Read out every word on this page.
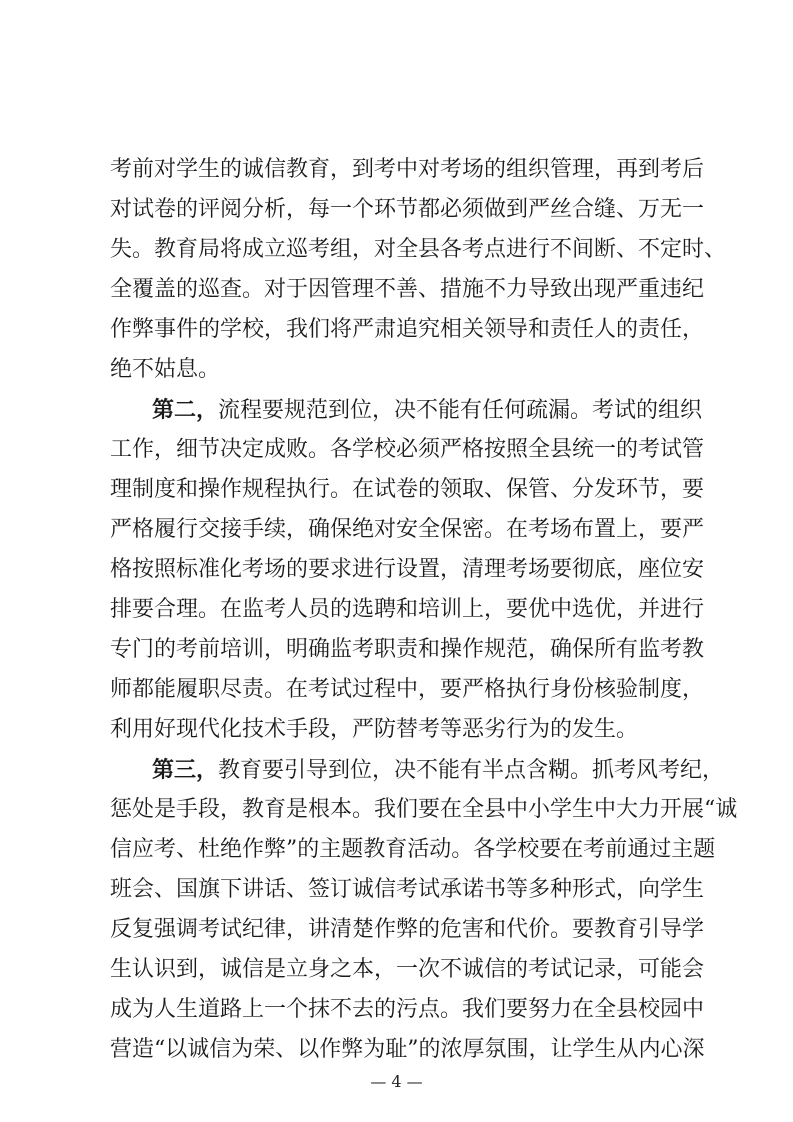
考前对学生的诚信教育，到考中对考场的组织管理，再到考后
对试卷的评阅分析，每一个环节都必须做到严丝合缝、万无一
失。教育局将成立巡考组，对全县各考点进行不间断、不定时、
全覆盖的巡查。对于因管理不善、措施不力导致出现严重违纪
作弊事件的学校，我们将严肃追究相关领导和责任人的责任，
绝不姑息。
第二，流程要规范到位，决不能有任何疏漏。考试的组织
工作，细节决定成败。各学校必须严格按照全县统一的考试管
理制度和操作规程执行。在试卷的领取、保管、分发环节，要
严格履行交接手续，确保绝对安全保密。在考场布置上，要严
格按照标准化考场的要求进行设置，清理考场要彻底，座位安
排要合理。在监考人员的选聘和培训上，要优中选优，并进行
专门的考前培训，明确监考职责和操作规范，确保所有监考教
师都能履职尽责。在考试过程中，要严格执行身份核验制度，
利用好现代化技术手段，严防替考等恶劣行为的发生。
第三，教育要引导到位，决不能有半点含糊。抓考风考纪，
惩处是手段，教育是根本。我们要在全县中小学生中大力开展“诚
信应考、杜绝作弊”的主题教育活动。各学校要在考前通过主题
班会、国旗下讲话、签订诚信考试承诺书等多种形式，向学生
反复强调考试纪律，讲清楚作弊的危害和代价。要教育引导学
生认识到，诚信是立身之本，一次不诚信的考试记录，可能会
成为人生道路上一个抹不去的污点。我们要努力在全县校园中
营造“以诚信为荣、以作弊为耻”的浓厚氛围，让学生从内心深
— 4 —
